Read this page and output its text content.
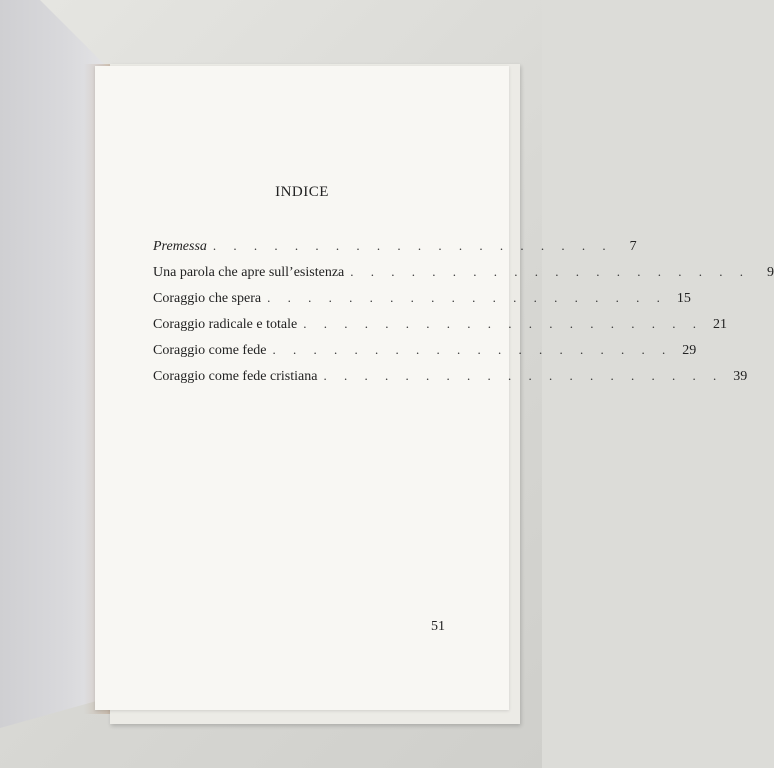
INDICE
Premessa . . . . . . . . . . . . . . . . . . . .	7
Una parola che apre sull’esistenza . . . . . . . . . . . . . . . . . . . .	9
Coraggio che spera . . . . . . . . . . . . . . . . . . . . 15
Coraggio radicale e totale . . . . . . . . . . . . . . . . . . . . 21
Coraggio come fede . . . . . . . . . . . . . . . . . . . . 29
Coraggio come fede cristiana . . . . . . . . . . . . . . . . . . . . 39
51
